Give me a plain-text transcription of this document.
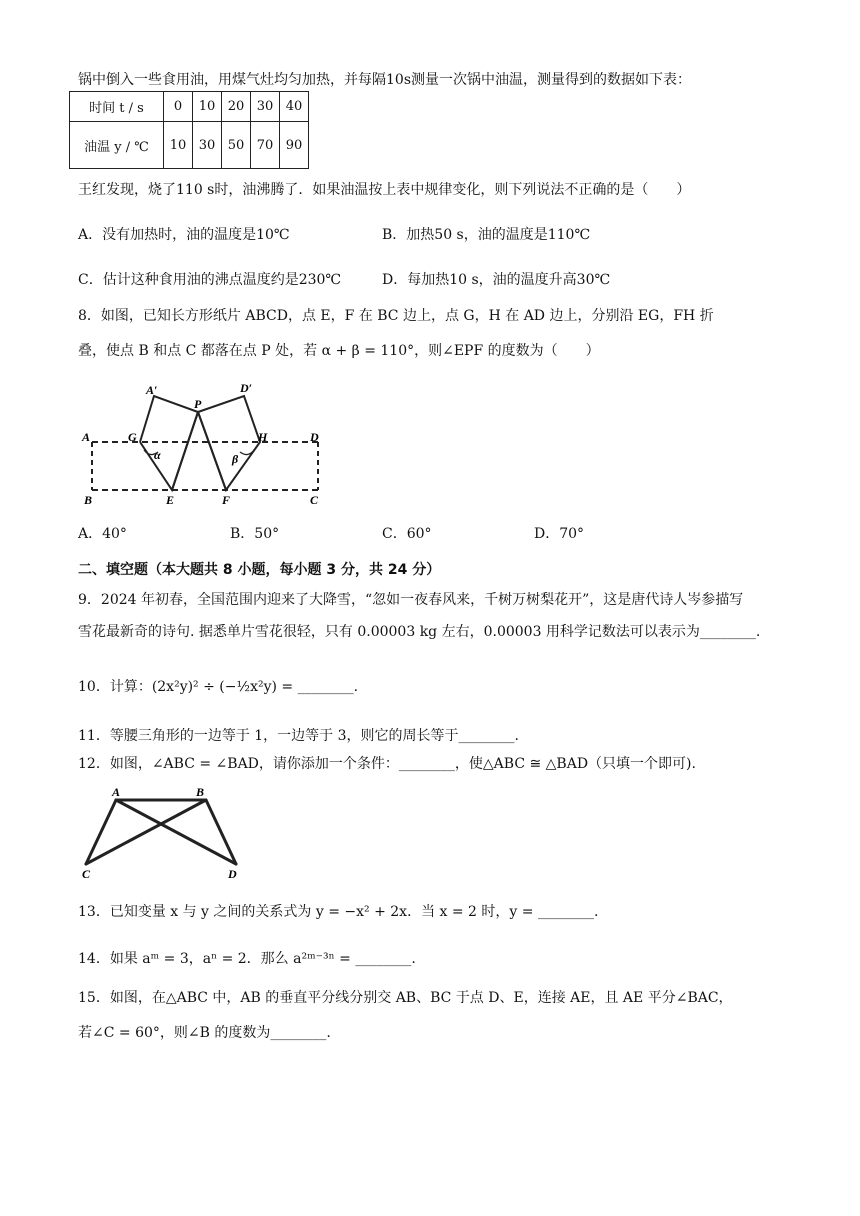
锅中倒入一些食用油，用煤气灶均匀加热，并每隔10s测量一次锅中油温，测量得到的数据如下表：
时间 t / s	0	10	20	30	40
油温 y / ℃	10	30	50	70	90
王红发现，烧了110 s时，油沸腾了．如果油温按上表中规律变化，则下列说法不正确的是（　　）
A．没有加热时，油的温度是10℃	B．加热50 s，油的温度是110℃
C．估计这种食用油的沸点温度约是230℃	D．每加热10 s，油的温度升高30℃
8．如图，已知长方形纸片 ABCD，点 E，F 在 BC 边上，点 G，H 在 AD 边上，分别沿 EG，FH 折
叠，使点 B 和点 C 都落在点 P 处，若 α + β = 110°，则∠EPF 的度数为（　　）
A′
P
D′
A	G	H	D
α	β
B	E	F	C
A．40°	B．50°	C．60°	D．70°
二、填空题（本大题共 8 小题，每小题 3 分，共 24 分）
9．2024 年初春，全国范围内迎来了大降雪，“忽如一夜春风来，千树万树梨花开”，这是唐代诗人岑参描写
雪花最新奇的诗句. 据悉单片雪花很轻，只有 0.00003 kg 左右，0.00003 用科学记数法可以表示为________.
10．计算：(2x²y)² ÷ (−½x²y) = ________.
11．等腰三角形的一边等于 1，一边等于 3，则它的周长等于________.
12．如图，∠ABC = ∠BAD，请你添加一个条件：________，使△ABC ≅ △BAD（只填一个即可).
A	B
C	D
13．已知变量 x 与 y 之间的关系式为 y = −x² + 2x．当 x = 2 时，y = ________.
14．如果 aᵐ = 3，aⁿ = 2．那么 a²ᵐ⁻³ⁿ = ________.
15．如图，在△ABC 中，AB 的垂直平分线分别交 AB、BC 于点 D、E，连接 AE，且 AE 平分∠BAC，
若∠C = 60°，则∠B 的度数为________.
